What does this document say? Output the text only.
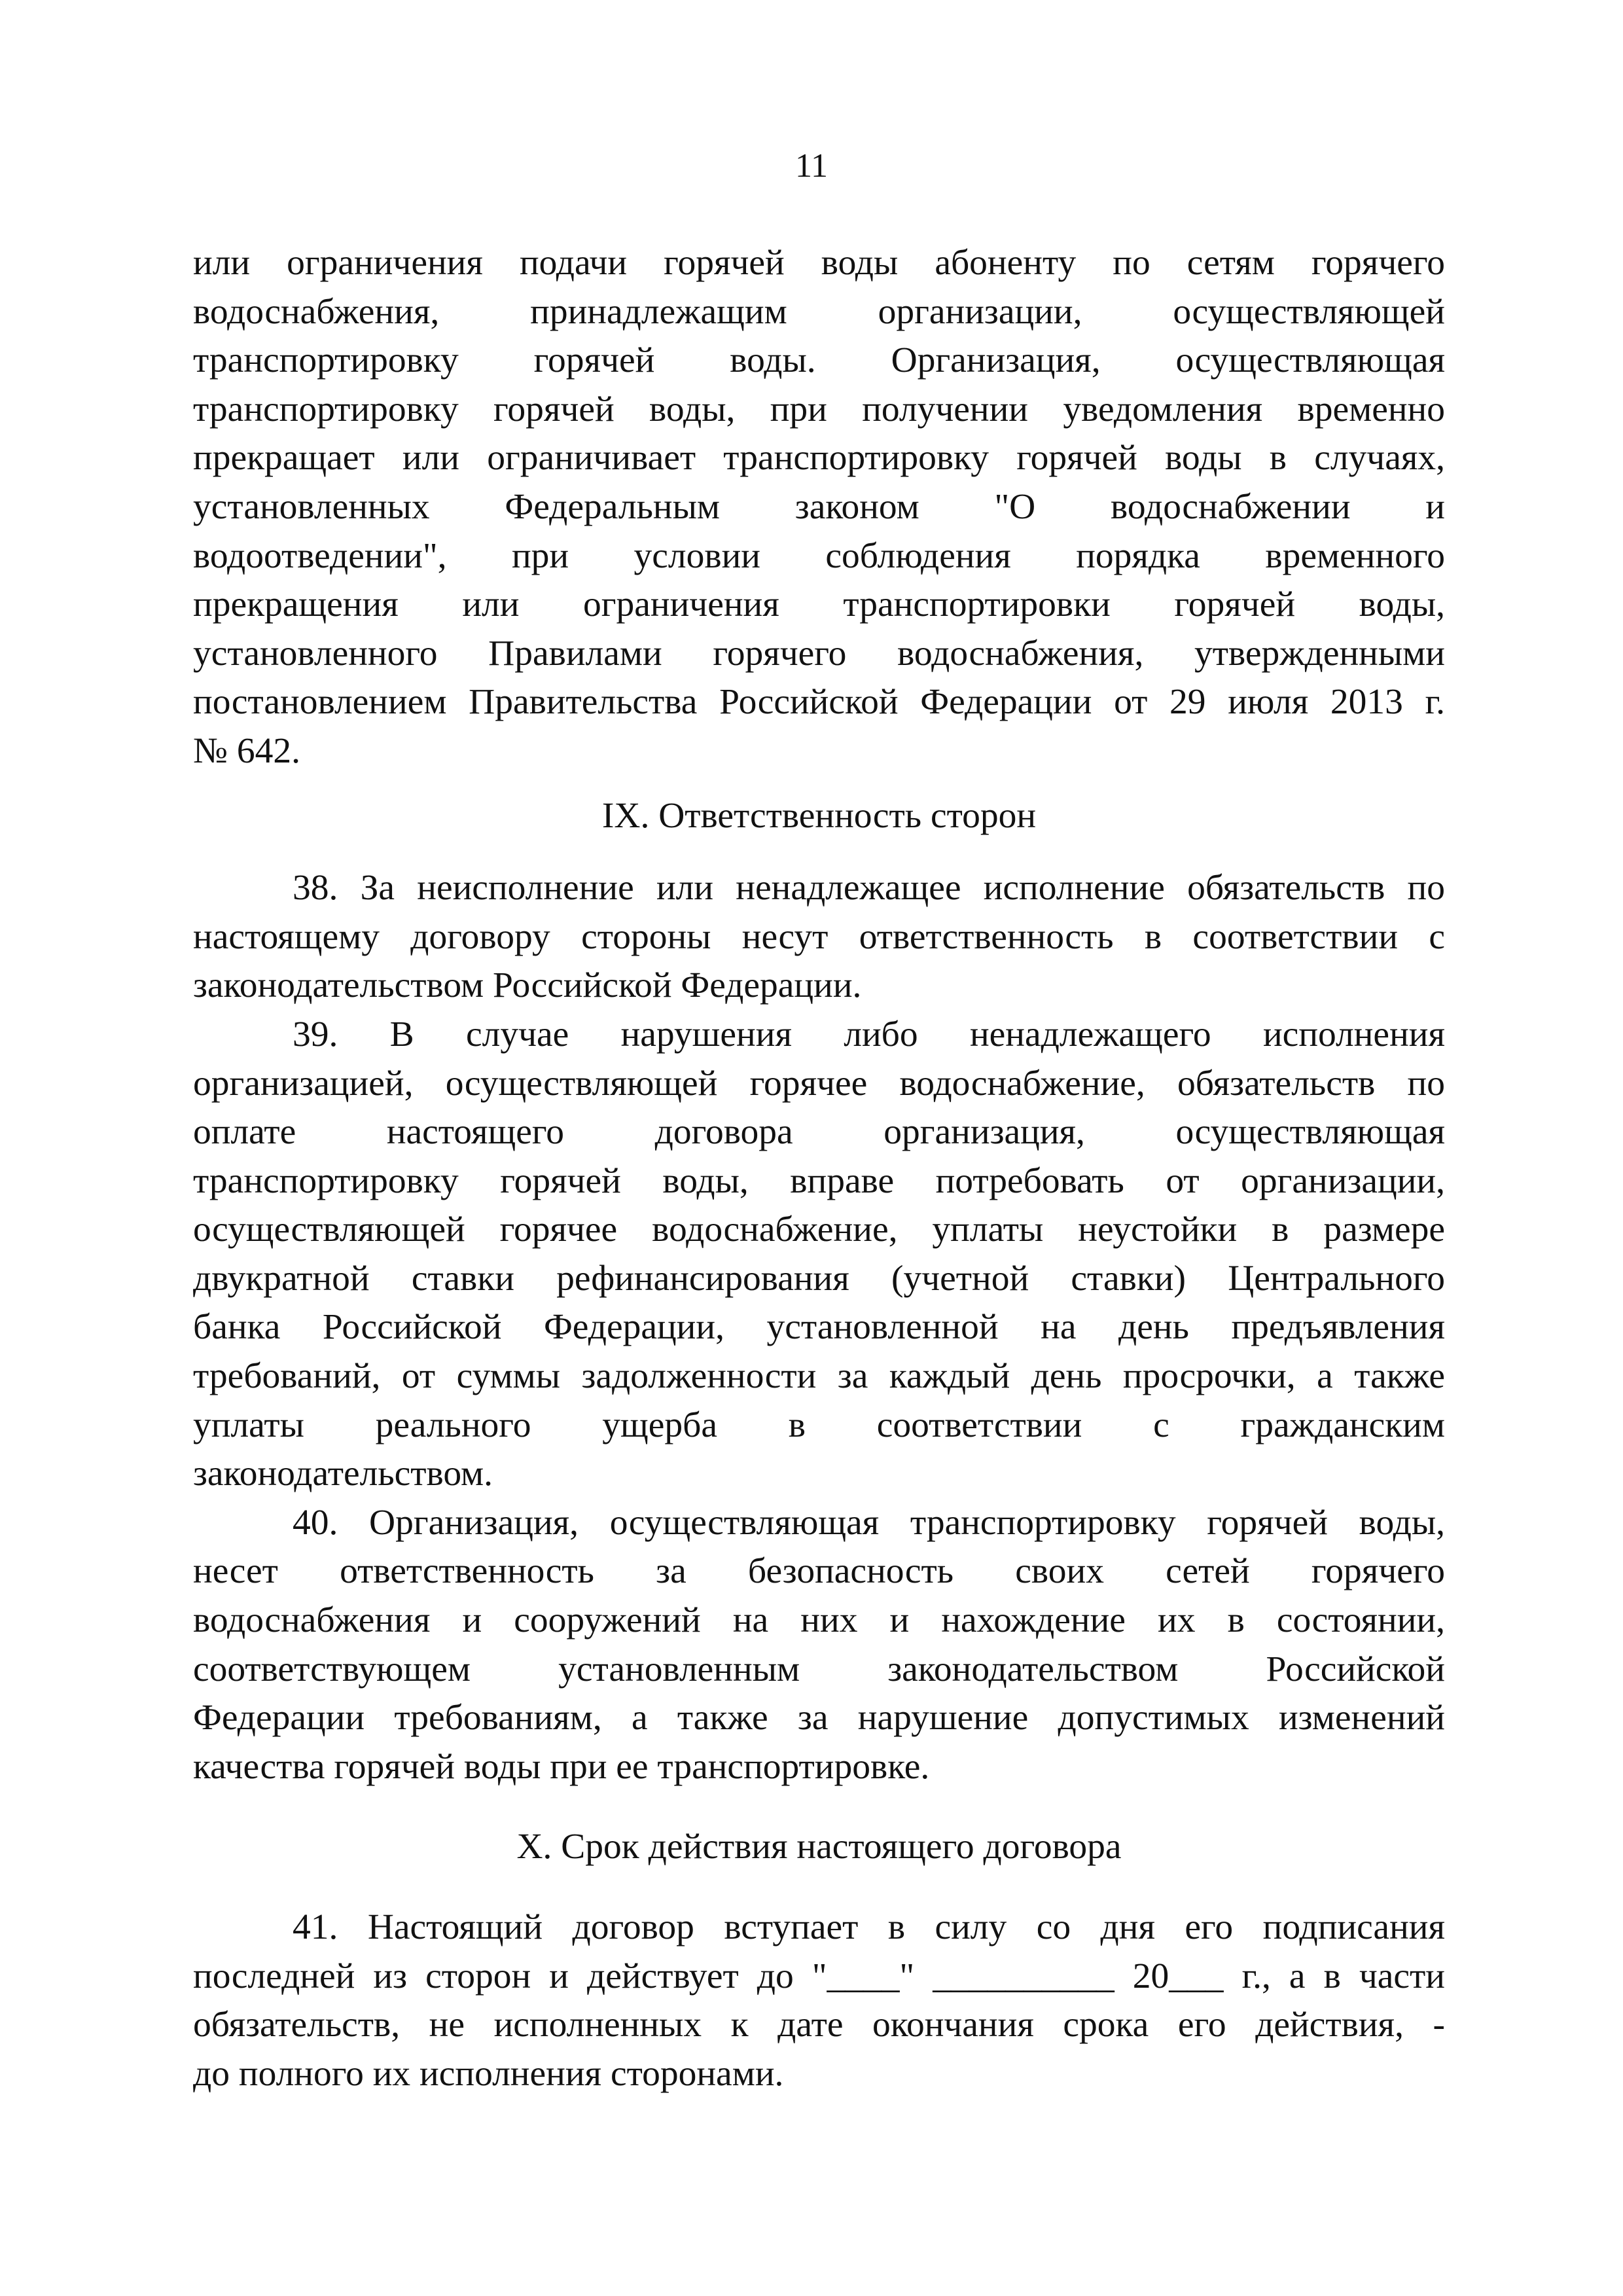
11

или ограничения подачи горячей воды абоненту по сетям горячего

водоснабжения, принадлежащим организации, осуществляющей

транспортировку горячей воды. Организация, осуществляющая

транспортировку горячей воды, при получении уведомления временно

прекращает или ограничивает транспортировку горячей воды в случаях,

установленных Федеральным законом "О водоснабжении и

водоотведении", при условии соблюдения порядка временного

прекращения или ограничения транспортировки горячей воды,

установленного Правилами горячего водоснабжения, утвержденными

постановлением Правительства Российской Федерации от 29 июля 2013 г.

№ 642.

IX. Ответственность сторон

38. За неисполнение или ненадлежащее исполнение обязательств по

настоящему договору стороны несут ответственность в соответствии с

законодательством Российской Федерации.

39. В случае нарушения либо ненадлежащего исполнения

организацией, осуществляющей горячее водоснабжение, обязательств по

оплате настоящего договора организация, осуществляющая

транспортировку горячей воды, вправе потребовать от организации,

осуществляющей горячее водоснабжение, уплаты неустойки в размере

двукратной ставки рефинансирования (учетной ставки) Центрального

банка Российской Федерации, установленной на день предъявления

требований, от суммы задолженности за каждый день просрочки, а также

уплаты реального ущерба в соответствии с гражданским

законодательством.

40. Организация, осуществляющая транспортировку горячей воды,

несет ответственность за безопасность своих сетей горячего

водоснабжения и сооружений на них и нахождение их в состоянии,

соответствующем установленным законодательством Российской

Федерации требованиям, а также за нарушение допустимых изменений

качества горячей воды при ее транспортировке.

X. Срок действия настоящего договора

41. Настоящий договор вступает в силу со дня его подписания

последней из сторон и действует до "____" __________ 20___ г., а в части

обязательств, не исполненных к дате окончания срока его действия, -

до полного их исполнения сторонами.
